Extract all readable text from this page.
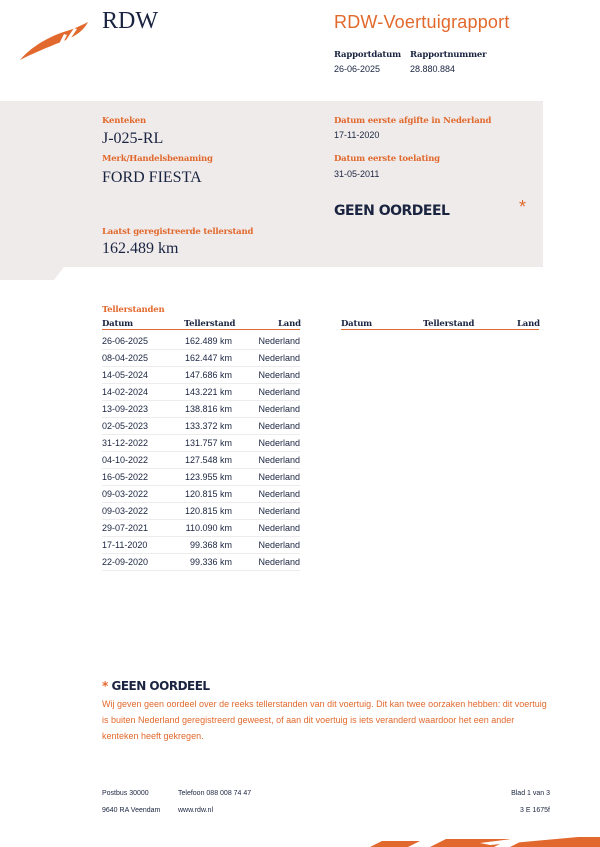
RDW	RDW-Voertuigrapport
Rapportdatum Rapportnummer
26-06-2025	28.880.884
Kenteken
J-025-RL
Merk/Handelsbenaming
FORD FIESTA
Laatst geregistreerde tellerstand
162.489 km
Datum eerste afgifte in Nederland
17-11-2020
Datum eerste toelating
31-05-2011
GEEN OORDEEL	*
Tellerstanden
Datum	Tellerstand	Land	Datum	Tellerstand	Land
26-06-2025	162.489 km	Nederland
08-04-2025	162.447 km	Nederland
14-05-2024	147.686 km	Nederland
14-02-2024	143.221 km	Nederland
13-09-2023	138.816 km	Nederland
02-05-2023	133.372 km	Nederland
31-12-2022	131.757 km	Nederland
04-10-2022	127.548 km	Nederland
16-05-2022	123.955 km	Nederland
09-03-2022	120.815 km	Nederland
09-03-2022	120.815 km	Nederland
29-07-2021	110.090 km	Nederland
17-11-2020	99.368 km	Nederland
22-09-2020	99.336 km	Nederland
* GEEN OORDEEL
Wij geven geen oordeel over de reeks tellerstanden van dit voertuig. Dit kan twee oorzaken hebben: dit voertuig is buiten Nederland geregistreerd geweest, of aan dit voertuig is iets veranderd waardoor het een ander kenteken heeft gekregen.
Postbus 30000	Telefoon 088 008 74 47
9640 RA Veendam	www.rdw.nl
Blad 1 van 3
3 E 1675f
